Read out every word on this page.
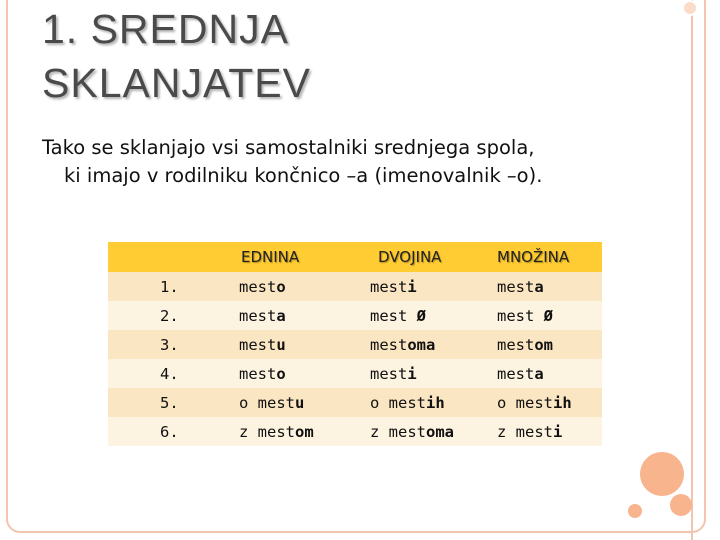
1. SREDNJA
SKLANJATEV

Tako se sklanjajo vsi samostalniki srednjega spola,
ki imajo v rodilniku končnico –a (imenovalnik –o).

	EDNINA	DVOJINA	MNOŽINA
1.	mesto	mesti	mesta
2.	mesta	mest Ø	mest Ø
3.	mestu	mestoma	mestom
4.	mesto	mesti	mesta
5.	o mestu	o mestih	o mestih
6.	z mestom	z mestoma	z mesti
